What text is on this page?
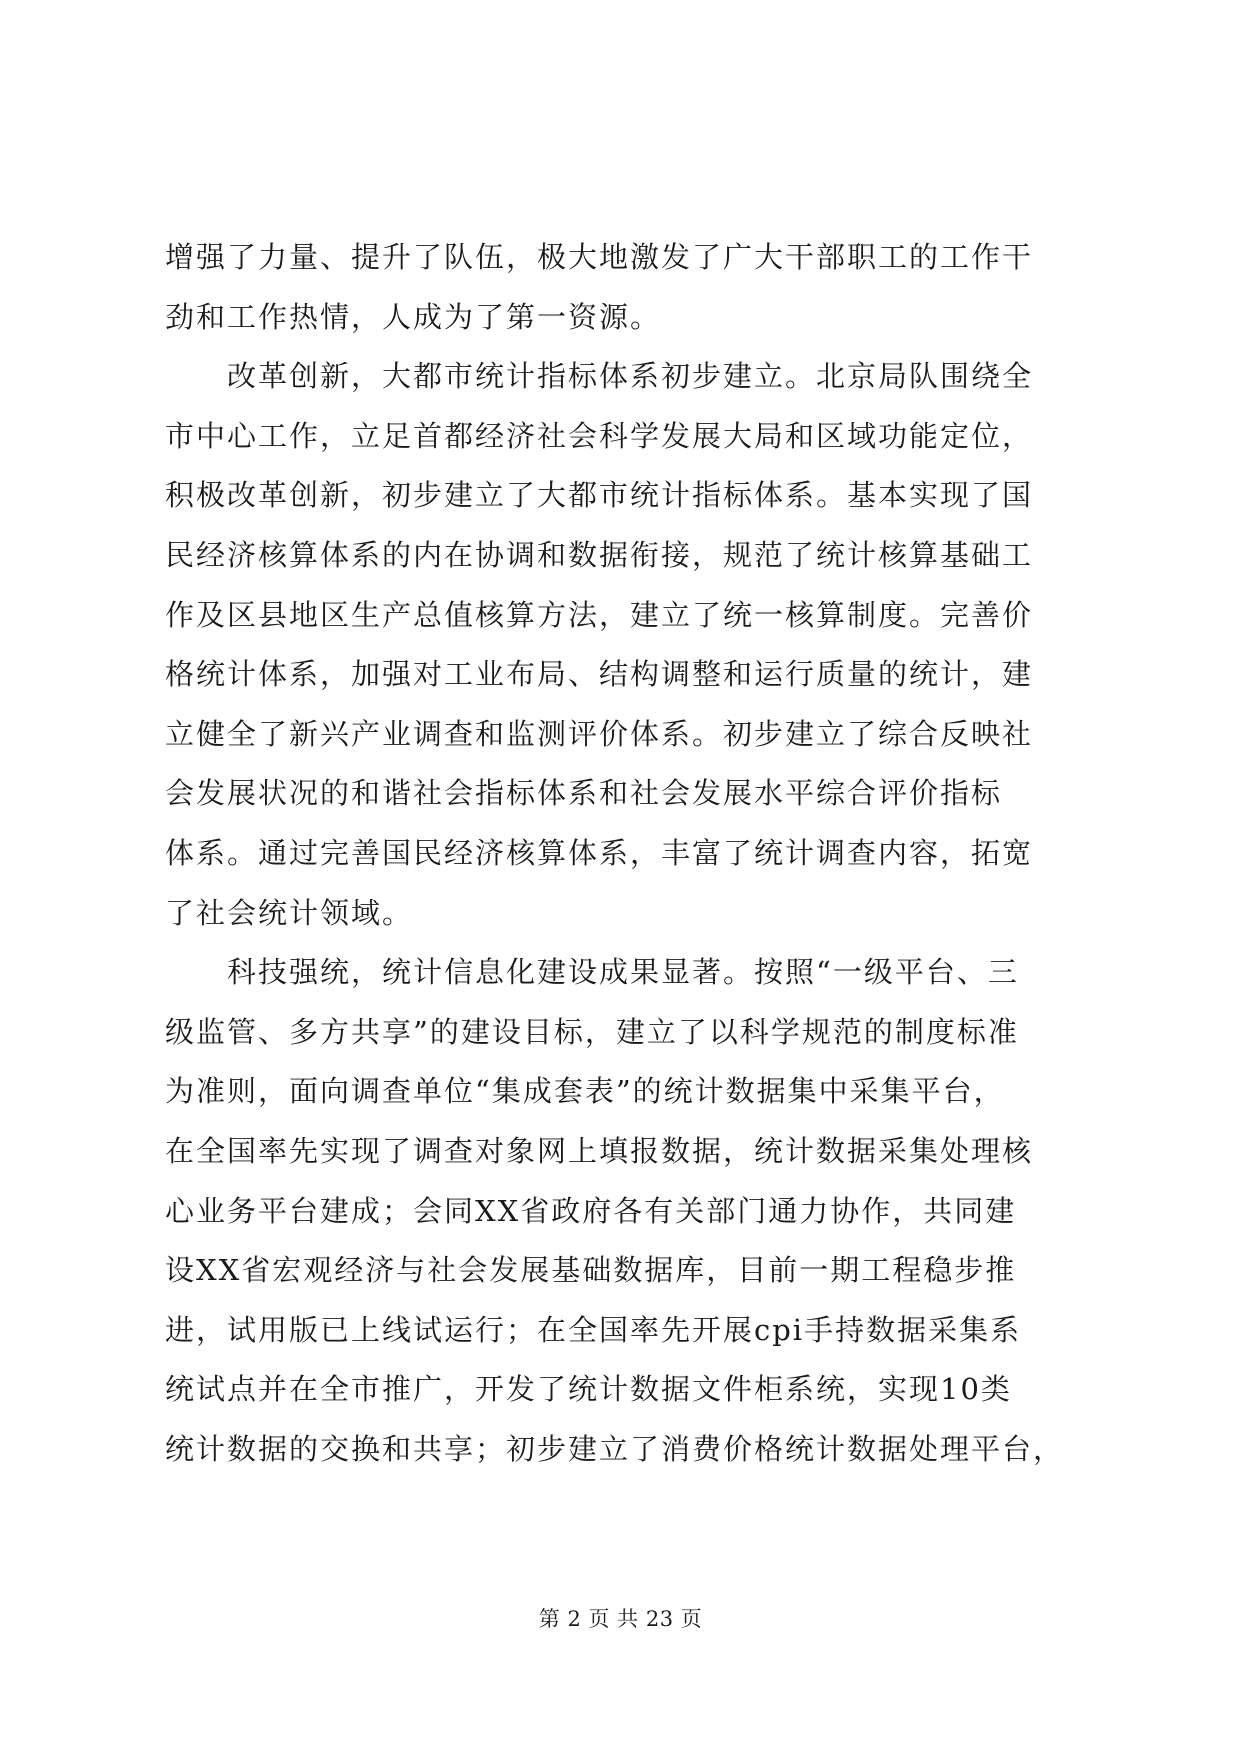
增强了力量、提升了队伍，极大地激发了广大干部职工的工作干
劲和工作热情，人成为了第一资源。
　　改革创新，大都市统计指标体系初步建立。北京局队围绕全
市中心工作，立足首都经济社会科学发展大局和区域功能定位，
积极改革创新，初步建立了大都市统计指标体系。基本实现了国
民经济核算体系的内在协调和数据衔接，规范了统计核算基础工
作及区县地区生产总值核算方法，建立了统一核算制度。完善价
格统计体系，加强对工业布局、结构调整和运行质量的统计，建
立健全了新兴产业调查和监测评价体系。初步建立了综合反映社
会发展状况的和谐社会指标体系和社会发展水平综合评价指标
体系。通过完善国民经济核算体系，丰富了统计调查内容，拓宽
了社会统计领域。
　　科技强统，统计信息化建设成果显著。按照“一级平台、三
级监管、多方共享”的建设目标，建立了以科学规范的制度标准
为准则，面向调查单位“集成套表”的统计数据集中采集平台，
在全国率先实现了调查对象网上填报数据，统计数据采集处理核
心业务平台建成；会同XX省政府各有关部门通力协作，共同建
设XX省宏观经济与社会发展基础数据库，目前一期工程稳步推
进，试用版已上线试运行；在全国率先开展cpi手持数据采集系
统试点并在全市推广，开发了统计数据文件柜系统，实现10类
统计数据的交换和共享；初步建立了消费价格统计数据处理平台，
第 2 页 共 23 页
